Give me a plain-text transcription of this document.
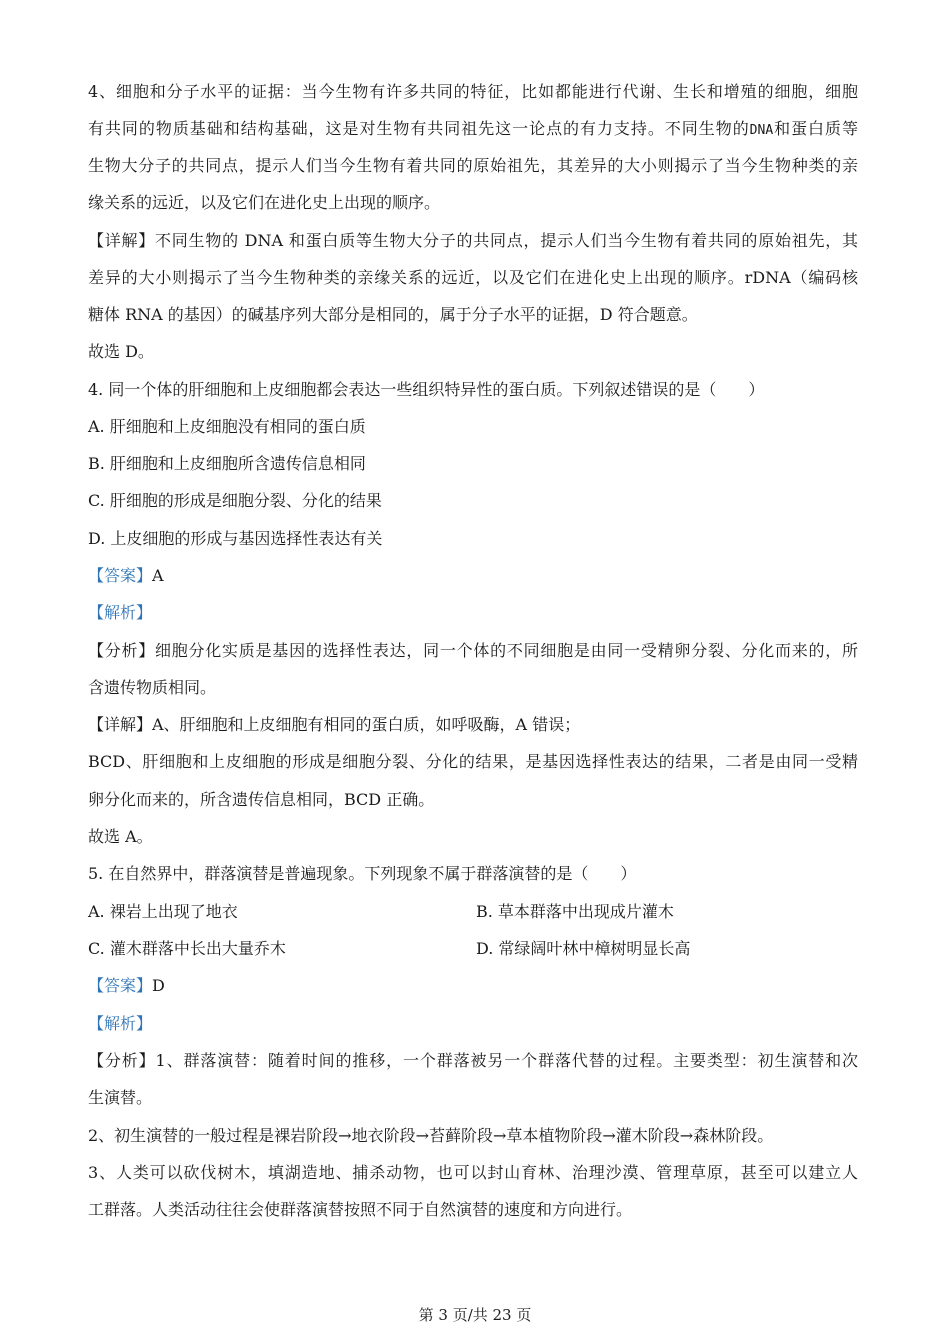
4、细胞和分子水平的证据：当今生物有许多共同的特征，比如都能进行代谢、生长和增殖的细胞，细胞
有共同的物质基础和结构基础，这是对生物有共同祖先这一论点的有力支持。不同生物的DNA和蛋白质等
生物大分子的共同点，提示人们当今生物有着共同的原始祖先，其差异的大小则揭示了当今生物种类的亲
缘关系的远近，以及它们在进化史上出现的顺序。
【详解】不同生物的 DNA 和蛋白质等生物大分子的共同点，提示人们当今生物有着共同的原始祖先，其
差异的大小则揭示了当今生物种类的亲缘关系的远近，以及它们在进化史上出现的顺序。rDNA（编码核
糖体 RNA 的基因）的碱基序列大部分是相同的，属于分子水平的证据，D 符合题意。
故选 D。
4. 同一个体的肝细胞和上皮细胞都会表达一些组织特异性的蛋白质。下列叙述错误的是（　　）
A. 肝细胞和上皮细胞没有相同的蛋白质
B. 肝细胞和上皮细胞所含遗传信息相同
C. 肝细胞的形成是细胞分裂、分化的结果
D. 上皮细胞的形成与基因选择性表达有关
【答案】A
【解析】
【分析】细胞分化实质是基因的选择性表达，同一个体的不同细胞是由同一受精卵分裂、分化而来的，所
含遗传物质相同。
【详解】A、肝细胞和上皮细胞有相同的蛋白质，如呼吸酶，A 错误；
BCD、肝细胞和上皮细胞的形成是细胞分裂、分化的结果，是基因选择性表达的结果，二者是由同一受精
卵分化而来的，所含遗传信息相同，BCD 正确。
故选 A。
5. 在自然界中，群落演替是普遍现象。下列现象不属于群落演替的是（　　）
A. 裸岩上出现了地衣	B. 草本群落中出现成片灌木
C. 灌木群落中长出大量乔木	D. 常绿阔叶林中樟树明显长高
【答案】D
【解析】
【分析】1、群落演替：随着时间的推移，一个群落被另一个群落代替的过程。主要类型：初生演替和次
生演替。
2、初生演替的一般过程是裸岩阶段→地衣阶段→苔藓阶段→草本植物阶段→灌木阶段→森林阶段。
3、人类可以砍伐树木，填湖造地、捕杀动物，也可以封山育林、治理沙漠、管理草原，甚至可以建立人
工群落。人类活动往往会使群落演替按照不同于自然演替的速度和方向进行。
第 3 页/共 23 页
